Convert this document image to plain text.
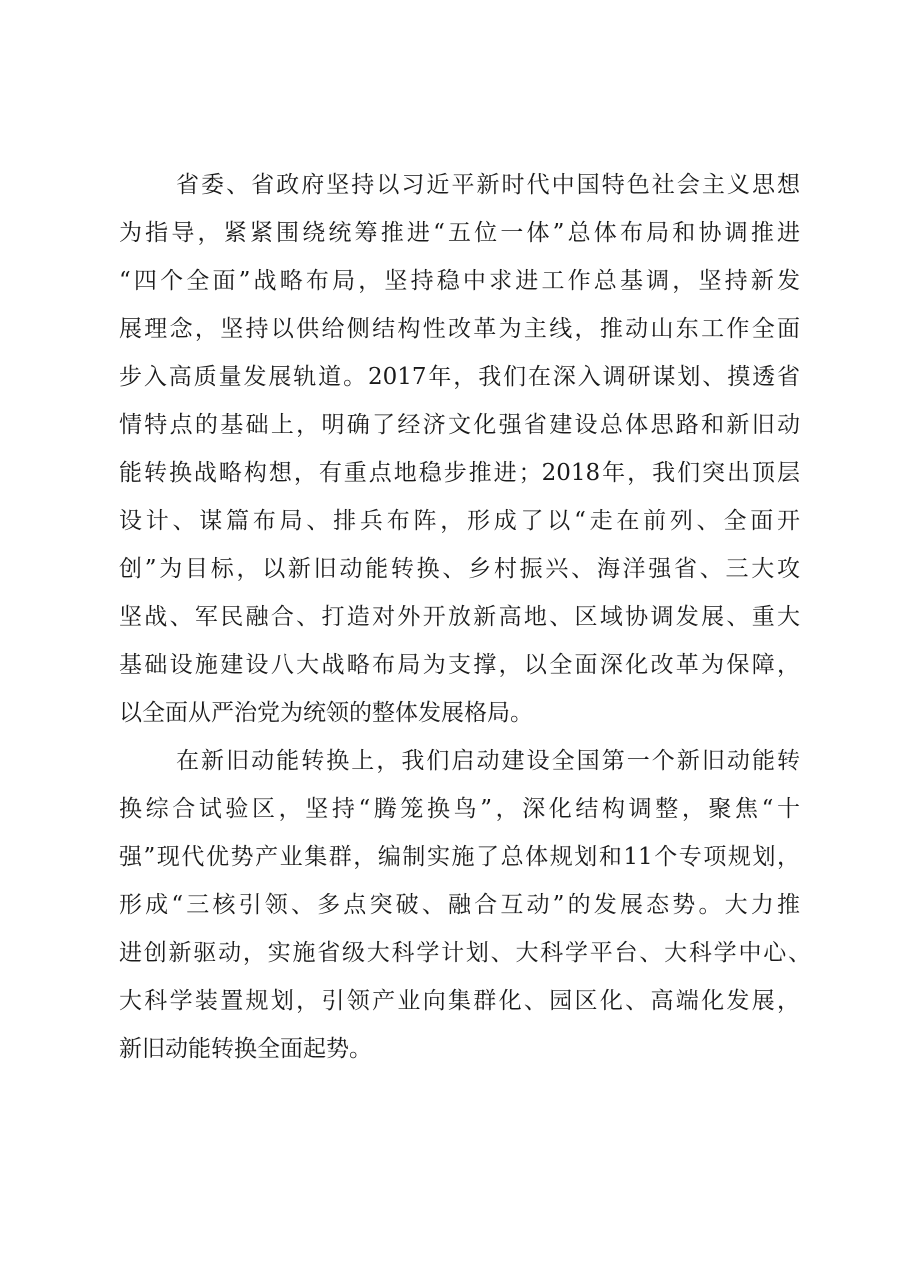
省委、省政府坚持以习近平新时代中国特色社会主义思想

为指导，紧紧围绕统筹推进“五位一体”总体布局和协调推进

“四个全面”战略布局，坚持稳中求进工作总基调，坚持新发

展理念，坚持以供给侧结构性改革为主线，推动山东工作全面

步入高质量发展轨道。2017年，我们在深入调研谋划、摸透省

情特点的基础上，明确了经济文化强省建设总体思路和新旧动

能转换战略构想，有重点地稳步推进；2018年，我们突出顶层

设计、谋篇布局、排兵布阵，形成了以“走在前列、全面开

创”为目标，以新旧动能转换、乡村振兴、海洋强省、三大攻

坚战、军民融合、打造对外开放新高地、区域协调发展、重大

基础设施建设八大战略布局为支撑，以全面深化改革为保障，

以全面从严治党为统领的整体发展格局。

在新旧动能转换上，我们启动建设全国第一个新旧动能转

换综合试验区，坚持“腾笼换鸟”，深化结构调整，聚焦“十

强”现代优势产业集群，编制实施了总体规划和11个专项规划，

形成“三核引领、多点突破、融合互动”的发展态势。大力推

进创新驱动，实施省级大科学计划、大科学平台、大科学中心、

大科学装置规划，引领产业向集群化、园区化、高端化发展，

新旧动能转换全面起势。
